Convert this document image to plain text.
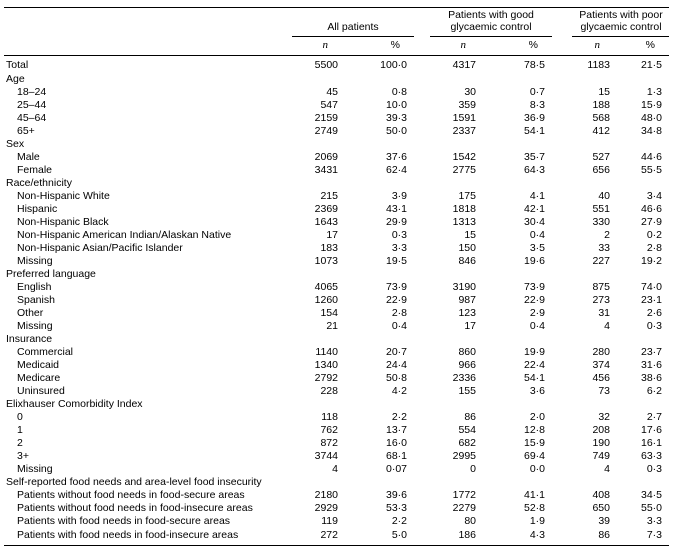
	All patients			Patients with good glycaemic control			Patients with poor glycaemic control	

	n	%		n	%		n	%
Total	5500	100·0		4317	78·5		1183	21·5
Age								
18–24	45	0·8		30	0·7		15	1·3
25–44	547	10·0		359	8·3		188	15·9
45–64	2159	39·3		1591	36·9		568	48·0
65+	2749	50·0		2337	54·1		412	34·8
Sex								
Male	2069	37·6		1542	35·7		527	44·6
Female	3431	62·4		2775	64·3		656	55·5
Race/ethnicity								
Non-Hispanic White	215	3·9		175	4·1		40	3·4
Hispanic	2369	43·1		1818	42·1		551	46·6
Non-Hispanic Black	1643	29·9		1313	30·4		330	27·9
Non-Hispanic American Indian/Alaskan Native	17	0·3		15	0·4		2	0·2
Non-Hispanic Asian/Pacific Islander	183	3·3		150	3·5		33	2·8
Missing	1073	19·5		846	19·6		227	19·2
Preferred language								
English	4065	73·9		3190	73·9		875	74·0
Spanish	1260	22·9		987	22·9		273	23·1
Other	154	2·8		123	2·9		31	2·6
Missing	21	0·4		17	0·4		4	0·3
Insurance								
Commercial	1140	20·7		860	19·9		280	23·7
Medicaid	1340	24·4		966	22·4		374	31·6
Medicare	2792	50·8		2336	54·1		456	38·6
Uninsured	228	4·2		155	3·6		73	6·2
Elixhauser Comorbidity Index								
0	118	2·2		86	2·0		32	2·7
1	762	13·7		554	12·8		208	17·6
2	872	16·0		682	15·9		190	16·1
3+	3744	68·1		2995	69·4		749	63·3
Missing	4	0·07		0	0·0		4	0·3
Self-reported food needs and area-level food insecurity								
Patients without food needs in food-secure areas	2180	39·6		1772	41·1		408	34·5
Patients without food needs in food-insecure areas	2929	53·3		2279	52·8		650	55·0
Patients with food needs in food-secure areas	119	2·2		80	1·9		39	3·3
Patients with food needs in food-insecure areas	272	5·0		186	4·3		86	7·3
